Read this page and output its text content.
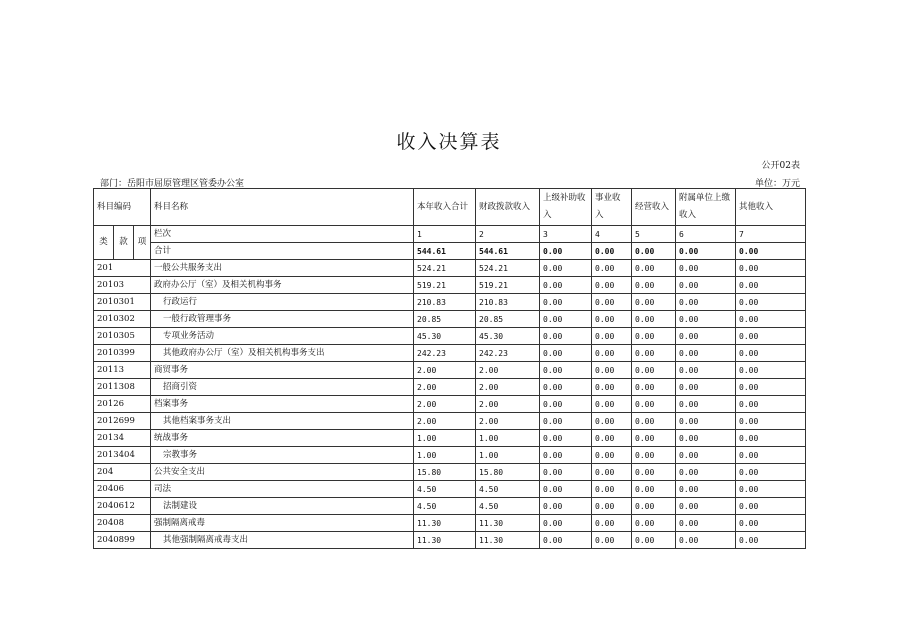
收入决算表
公开02表
部门：岳阳市屈原管理区管委办公室	单位：万元
科目编码			科目名称	本年收入合计	财政拨款收入	上级补助收入	事业收入	经营收入	附属单位上缴收入	其他收入
类	款	项	栏次	1	2	3	4	5	6	7
			合计	544.61	544.61	0.00	0.00	0.00	0.00	0.00
201			一般公共服务支出	524.21	524.21	0.00	0.00	0.00	0.00	0.00
20103			政府办公厅（室）及相关机构事务	519.21	519.21	0.00	0.00	0.00	0.00	0.00
2010301			行政运行	210.83	210.83	0.00	0.00	0.00	0.00	0.00
2010302			一般行政管理事务	20.85	20.85	0.00	0.00	0.00	0.00	0.00
2010305			专项业务活动	45.30	45.30	0.00	0.00	0.00	0.00	0.00
2010399			其他政府办公厅（室）及相关机构事务支出	242.23	242.23	0.00	0.00	0.00	0.00	0.00
20113			商贸事务	2.00	2.00	0.00	0.00	0.00	0.00	0.00
2011308			招商引资	2.00	2.00	0.00	0.00	0.00	0.00	0.00
20126			档案事务	2.00	2.00	0.00	0.00	0.00	0.00	0.00
2012699			其他档案事务支出	2.00	2.00	0.00	0.00	0.00	0.00	0.00
20134			统战事务	1.00	1.00	0.00	0.00	0.00	0.00	0.00
2013404			宗教事务	1.00	1.00	0.00	0.00	0.00	0.00	0.00
204			公共安全支出	15.80	15.80	0.00	0.00	0.00	0.00	0.00
20406			司法	4.50	4.50	0.00	0.00	0.00	0.00	0.00
2040612			法制建设	4.50	4.50	0.00	0.00	0.00	0.00	0.00
20408			强制隔离戒毒	11.30	11.30	0.00	0.00	0.00	0.00	0.00
2040899			其他强制隔离戒毒支出	11.30	11.30	0.00	0.00	0.00	0.00	0.00
